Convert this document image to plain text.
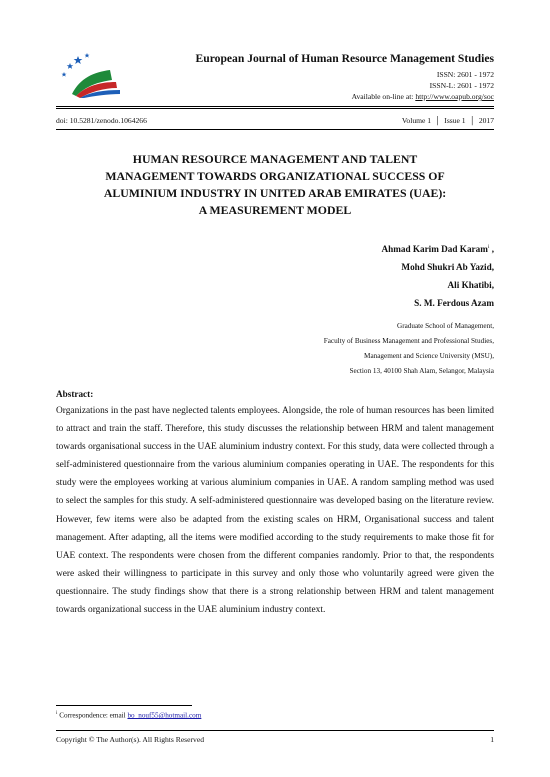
European Journal of Human Resource Management Studies
ISSN: 2601 - 1972
ISSN-L: 2601 - 1972
Available on-line at: http://www.oapub.org/soc
doi: 10.5281/zenodo.1064266	Volume 1 │ Issue 1 │ 2017
HUMAN RESOURCE MANAGEMENT AND TALENT
MANAGEMENT TOWARDS ORGANIZATIONAL SUCCESS OF
ALUMINIUM INDUSTRY IN UNITED ARAB EMIRATES (UAE):
A MEASUREMENT MODEL
Ahmad Karim Dad Karam$^i$ ,
Mohd Shukri Ab Yazid,
Ali Khatibi,
S. M. Ferdous Azam
Graduate School of Management,
Faculty of Business Management and Professional Studies,
Management and Science University (MSU),
Section 13, 40100 Shah Alam, Selangor, Malaysia
Abstract:
Organizations in the past have neglected talents employees. Alongside, the role of human resources has been limited to attract and train the staff. Therefore, this study discusses the relationship between HRM and talent management towards organisational success in the UAE aluminium industry context. For this study, data were collected through a self-administered questionnaire from the various aluminium companies operating in UAE. The respondents for this study were the employees working at various aluminium companies in UAE. A random sampling method was used to select the samples for this study. A self-administered questionnaire was developed basing on the literature review. However, few items were also be adapted from the existing scales on HRM, Organisational success and talent management. After adapting, all the items were modified according to the study requirements to make those fit for UAE context. The respondents were chosen from the different companies randomly. Prior to that, the respondents were asked their willingness to participate in this survey and only those who voluntarily agreed were given the questionnaire. The study findings show that there is a strong relationship between HRM and talent management towards organizational success in the UAE aluminium industry context.
$^i$ Correspondence: email bo_nouf55@hotmail.com
Copyright © The Author(s). All Rights Reserved	1
